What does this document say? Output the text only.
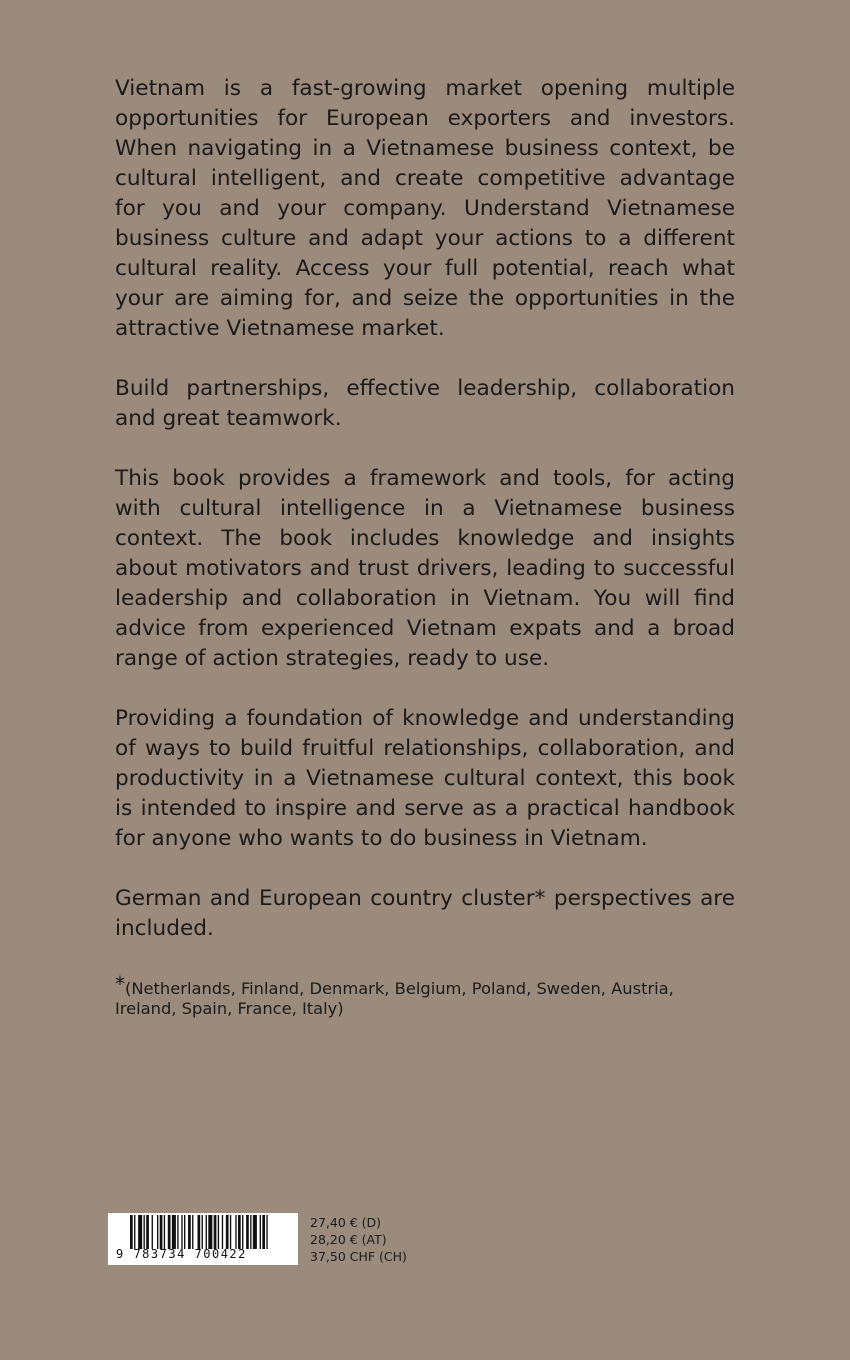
Vietnam is a fast-growing market opening multiple opportunities for European exporters and investors. When navigating in a Vietnamese business context, be cultural intelligent, and create competitive advantage for you and your company. Understand Vietnamese business culture and adapt your actions to a different cultural reality. Access your full potential, reach what your are aiming for, and seize the opportunities in the attractive Vietnamese market.

Build partnerships, effective leadership, collaboration and great teamwork.

This book provides a framework and tools, for acting with cultural intelligence in a Vietnamese business context. The book includes knowledge and insights about motivators and trust drivers, leading to successful leadership and collaboration in Vietnam. You will find advice from experienced Vietnam expats and a broad range of action strategies, ready to use.

Providing a foundation of knowledge and understanding of ways to build fruitful relationships, collaboration, and productivity in a Vietnamese cultural context, this book is intended to inspire and serve as a practical handbook for anyone who wants to do business in Vietnam.

German and European country cluster* perspectives are included.

*(Netherlands, Finland, Denmark, Belgium, Poland, Sweden, Austria, Ireland, Spain, France, Italy)

9 783734 700422
27,40 € (D)
28,20 € (AT)
37,50 CHF (CH)
